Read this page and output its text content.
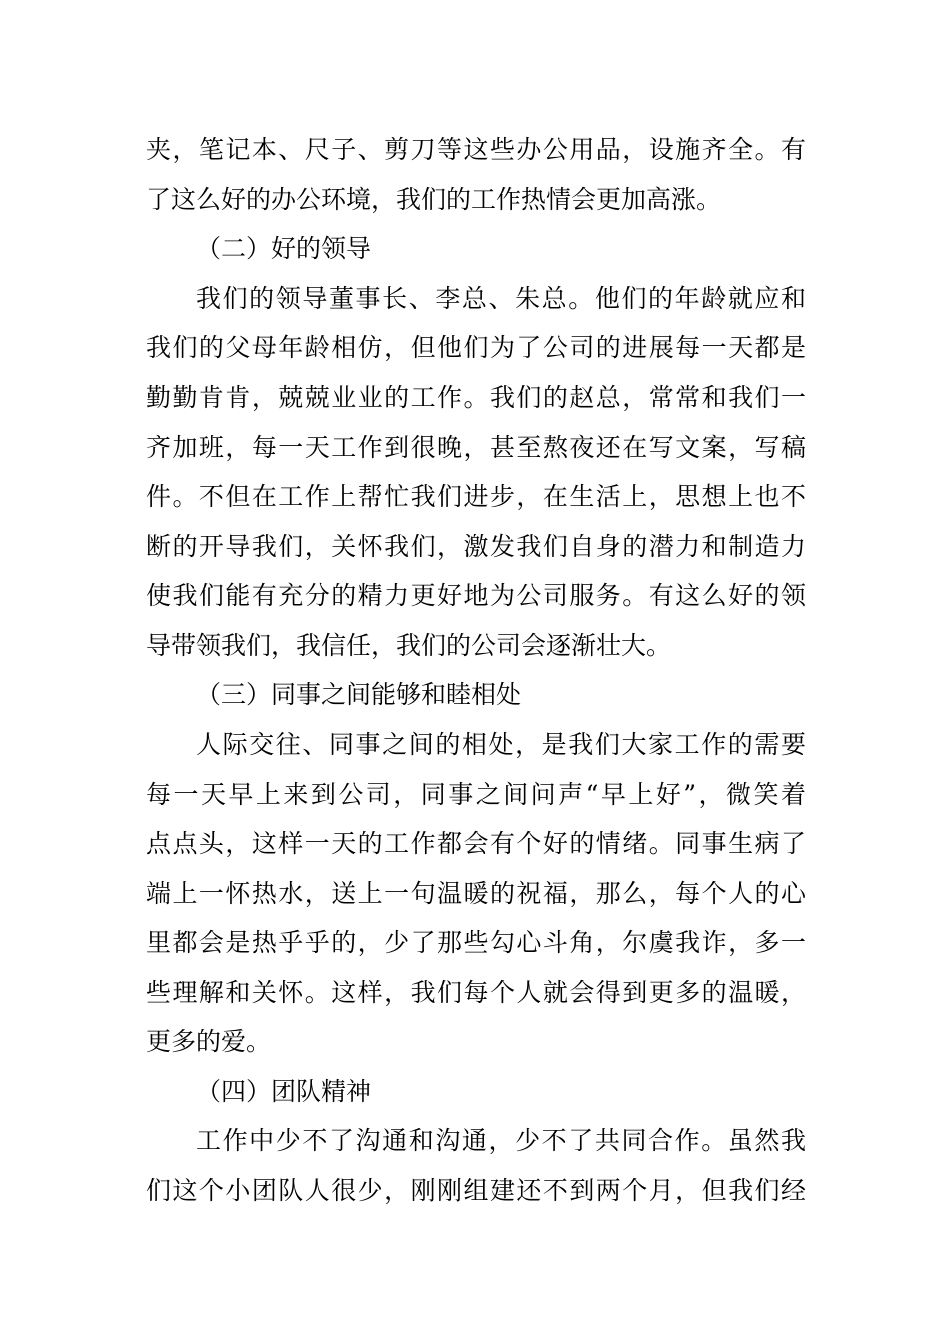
夹，笔记本、尺子、剪刀等这些办公用品，设施齐全。有
了这么好的办公环境，我们的工作热情会更加高涨。
（二）好的领导
我们的领导董事长、李总、朱总。他们的年龄就应和
我们的父母年龄相仿，但他们为了公司的进展每一天都是
勤勤肯肯，兢兢业业的工作。我们的赵总，常常和我们一
齐加班，每一天工作到很晚，甚至熬夜还在写文案，写稿
件。不但在工作上帮忙我们进步，在生活上，思想上也不
断的开导我们，关怀我们，激发我们自身的潜力和制造力
使我们能有充分的精力更好地为公司服务。有这么好的领
导带领我们，我信任，我们的公司会逐渐壮大。
（三）同事之间能够和睦相处
人际交往、同事之间的相处，是我们大家工作的需要
每一天早上来到公司，同事之间问声“早上好”，微笑着
点点头，这样一天的工作都会有个好的情绪。同事生病了
端上一怀热水，送上一句温暖的祝福，那么，每个人的心
里都会是热乎乎的，少了那些勾心斗角，尔虞我诈，多一
些理解和关怀。这样，我们每个人就会得到更多的温暖，
更多的爱。
（四）团队精神
工作中少不了沟通和沟通，少不了共同合作。虽然我
们这个小团队人很少，刚刚组建还不到两个月，但我们经
